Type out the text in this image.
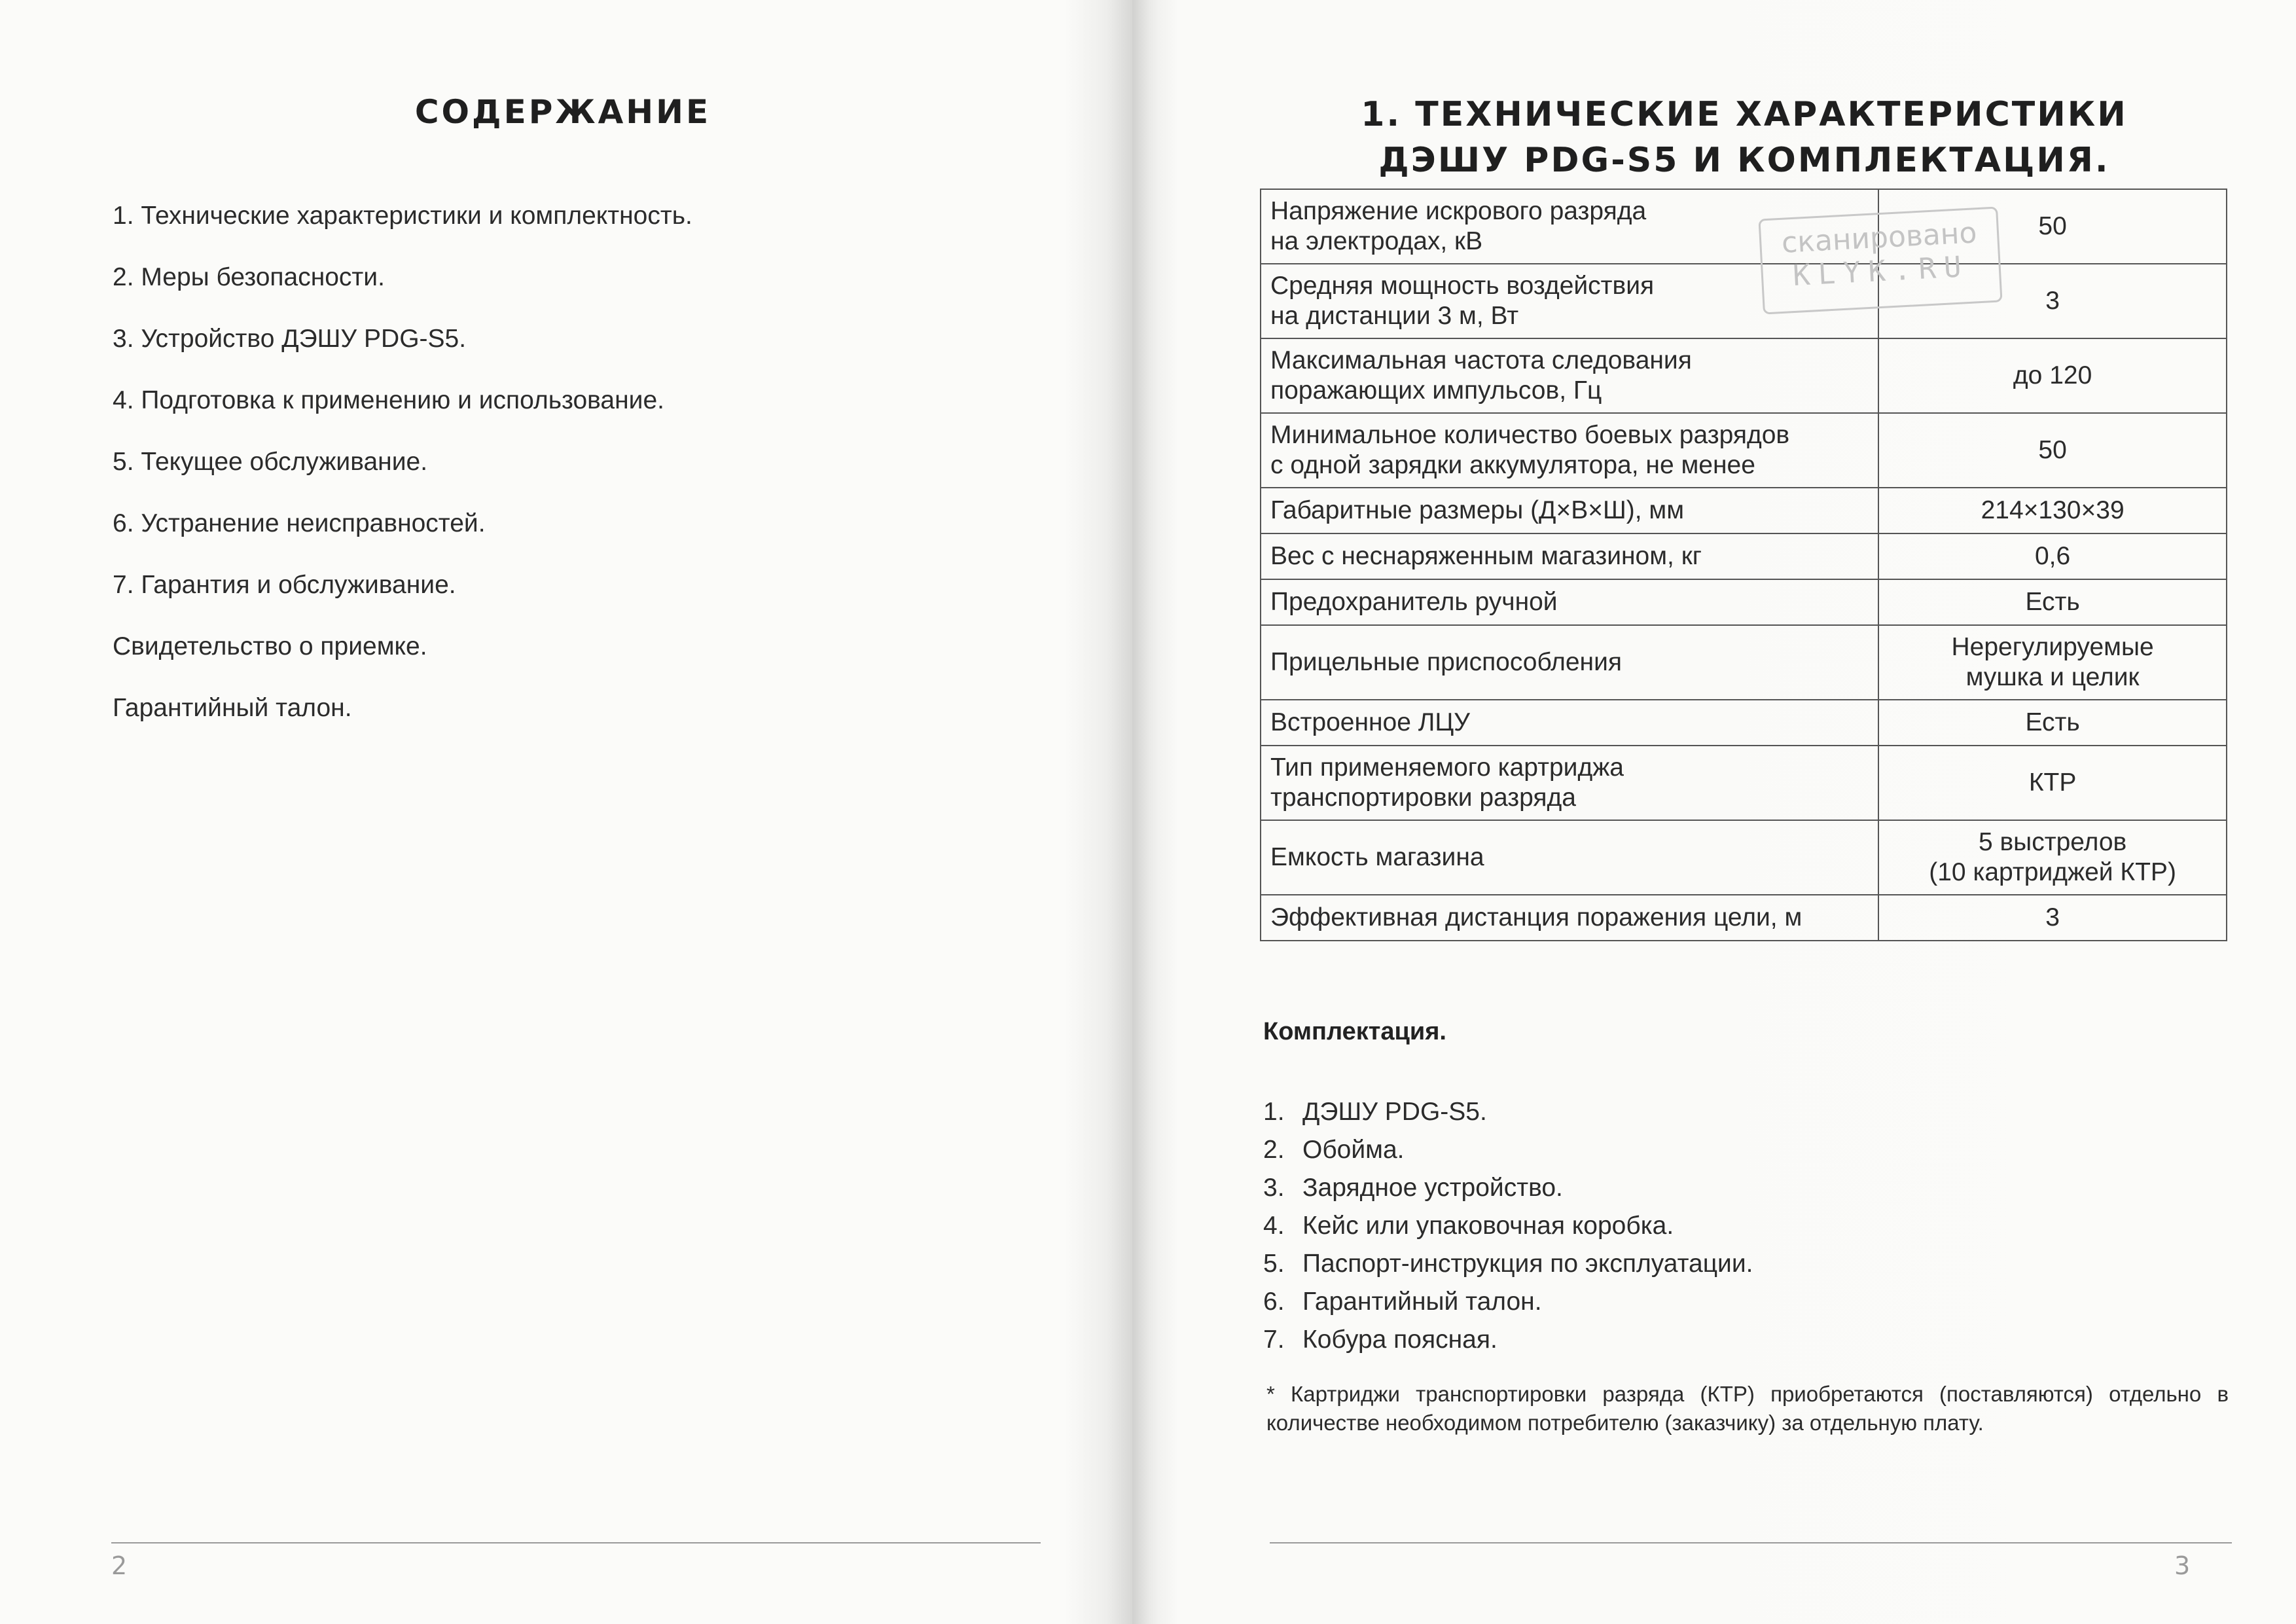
СОДЕРЖАНИЕ
1. Технические характеристики и комплектность.
2. Меры безопасности.
3. Устройство ДЭШУ PDG-S5.
4. Подготовка к применению и использование.
5. Текущее обслуживание.
6. Устранение неисправностей.
7. Гарантия и обслуживание.
Свидетельство о приемке.
Гарантийный талон.
2
1. ТЕХНИЧЕСКИЕ ХАРАКТЕРИСТИКИ
ДЭШУ PDG-S5 И КОМПЛЕКТАЦИЯ.
Напряжение искрового разряда
на электродах, кВ	50
Средняя мощность воздействия
на дистанции 3 м, Вт	3
Максимальная частота следования
поражающих импульсов, Гц	до 120
Минимальное количество боевых разрядов
с одной зарядки аккумулятора, не менее	50
Габаритные размеры (Д×В×Ш), мм	214×130×39
Вес с неснаряженным магазином, кг	0,6
Предохранитель ручной	Есть
Прицельные приспособления	Нерегулируемые
мушка и целик
Встроенное ЛЦУ	Есть
Тип применяемого картриджа
транспортировки разряда	КТР
Емкость магазина	5 выстрелов
(10 картриджей КТР)
Эффективная дистанция поражения цели, м	3
сканировано
KLYK.RU
Комплектация.
1. ДЭШУ PDG-S5.
2. Обойма.
3. Зарядное устройство.
4. Кейс или упаковочная коробка.
5. Паспорт-инструкция по эксплуатации.
6. Гарантийный талон.
7. Кобура поясная.
* Картриджи транспортировки разряда (КТР) приобретаются (поставляются) отдельно в количестве необходимом потребителю (заказчику) за отдельную плату.
3
